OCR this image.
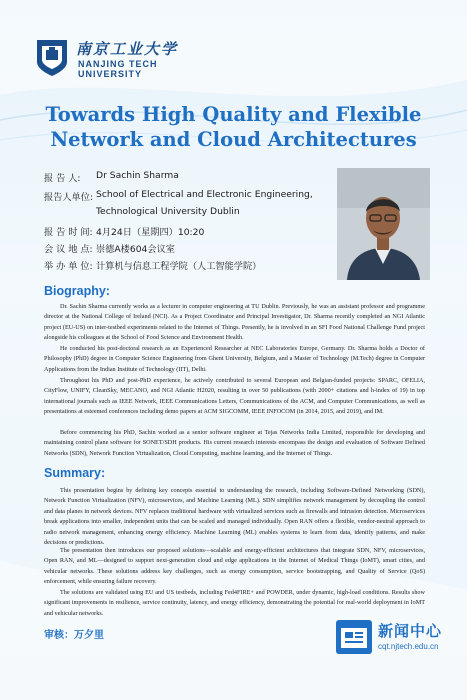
南京工业大学
NANJING TECH
UNIVERSITY
Towards High Quality and Flexible
Network and Cloud Architectures
报 告 人: Dr Sachin Sharma
报告人单位: School of Electrical and Electronic Engineering,
Technological University Dublin
报 告 时 间: 4月24日（星期四）10:20
会 议 地 点: 崇德A楼604会议室
举 办 单 位: 计算机与信息工程学院（人工智能学院）
Biography:
Dr. Sachin Sharma currently works as a lecturer in computer engineering at TU Dublin. Previously, he was an assistant professor and programme director at the National College of Ireland (NCI). As a Project Coordinator and Principal Investigator, Dr. Sharma recently completed an NGI Atlantic project (EU-US) on inter-testbed experiments related to the Internet of Things. Presently, he is involved in an SFI Food National Challenge Fund project alongside his colleagues at the School of Food Science and Environment Health.
He conducted his post-doctoral research as an Experienced Researcher at NEC Laboratories Europe, Germany. Dr. Sharma holds a Doctor of Philosophy (PhD) degree in Computer Science Engineering from Ghent University, Belgium, and a Master of Technology (M.Tech) degree in Computer Applications from the Indian Institute of Technology (IIT), Delhi.
Throughout his PhD and post-PhD experience, he actively contributed to several European and Belgian-funded projects: SPARC, OFELIA, CityFlow, UNIFY, CleanSky, MECANO, and NGI Atlantic H2020, resulting in over 50 publications (with 2000+ citations and h-index of 19) in top international journals such as IEEE Network, IEEE Communications Letters, Communications of the ACM, and Computer Communications, as well as presentations at esteemed conferences including demo papers at ACM SIGCOMM, IEEE INFOCOM (in 2014, 2015, and 2019), and IM.
Before commencing his PhD, Sachin worked as a senior software engineer at Tejas Networks India Limited, responsible for developing and maintaining control plane software for SONET/SDH products. His current research interests encompass the design and evaluation of Software Defined Networks (SDN), Network Function Virtualization, Cloud Computing, machine learning, and the Internet of Things.
Summary:
This presentation begins by defining key concepts essential to understanding the research, including Software-Defined Networking (SDN), Network Function Virtualization (NFV), microservices, and Machine Learning (ML). SDN simplifies network management by decoupling the control and data planes in network devices. NFV replaces traditional hardware with virtualized services such as firewalls and intrusion detection. Microservices break applications into smaller, independent units that can be scaled and managed individually. Open RAN offers a flexible, vendor-neutral approach to radio network management, enhancing energy efficiency. Machine Learning (ML) enables systems to learn from data, identify patterns, and make decisions or predictions.
The presentation then introduces our proposed solutions—scalable and energy-efficient architectures that integrate SDN, NFV, microservices, Open RAN, and ML—designed to support next-generation cloud and edge applications in the Internet of Medical Things (IoMT), smart cities, and vehicular networks. These solutions address key challenges, such as energy consumption, service bootstrapping, and Quality of Service (QoS) enforcement, while ensuring failure recovery.
The solutions are validated using EU and US testbeds, including Fed4FIRE+ and POWDER, under dynamic, high-load conditions. Results show significant improvements in resilience, service continuity, latency, and energy efficiency, demonstrating the potential for real-world deployment in IoMT and vehicular networks.
审核：万夕里	新闻中心
cqt.njtech.edu.cn
